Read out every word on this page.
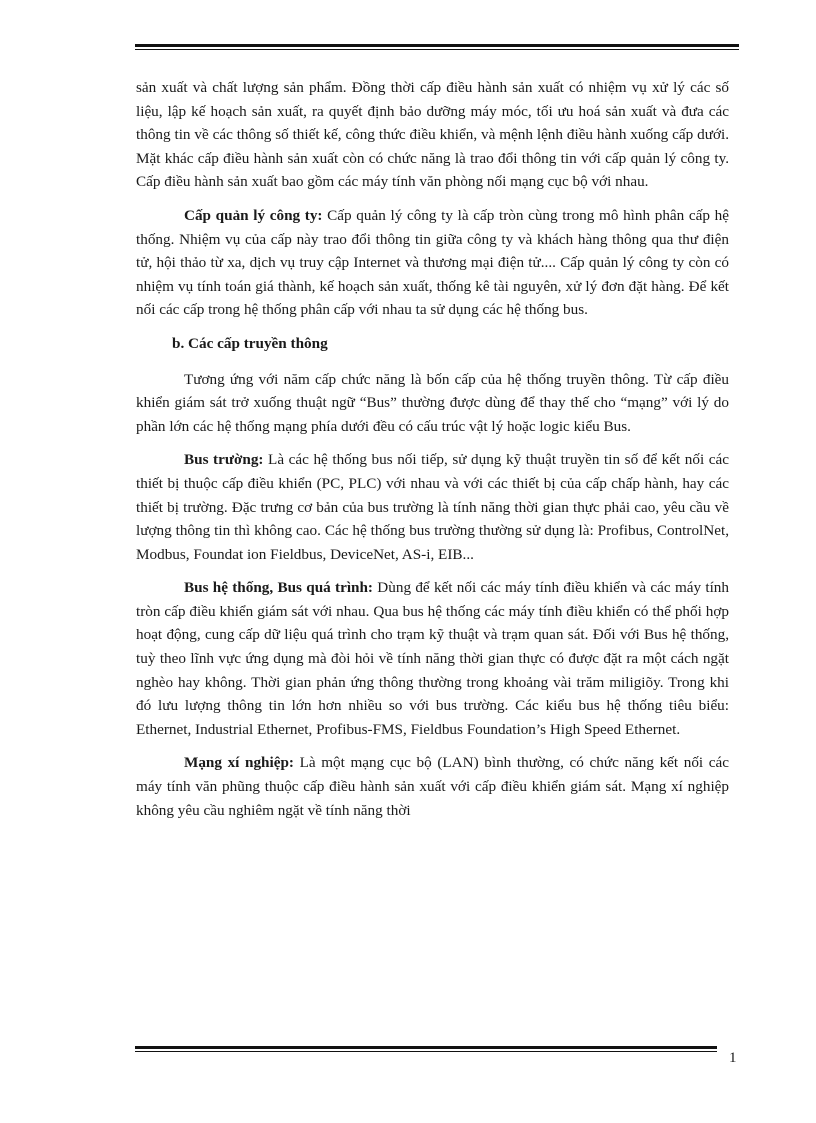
sản xuất và chất lượng sản phẩm. Đồng thời cấp điều hành sản xuất có nhiệm vụ xử lý các số liệu, lập kế hoạch sản xuất, ra quyết định bảo dưỡng máy móc, tối ưu hoá sản xuất và đưa các thông tin về các thông số thiết kế, công thức điều khiển, và mệnh lệnh điều hành xuống cấp dưới. Mặt khác cấp điều hành sản xuất còn có chức năng là trao đổi thông tin với cấp quản lý công ty. Cấp điều hành sản xuất bao gồm các máy tính văn phòng nối mạng cục bộ với nhau.

Cấp quản lý công ty: Cấp quản lý công ty là cấp tròn cùng trong mô hình phân cấp hệ thống. Nhiệm vụ của cấp này trao đổi thông tin giữa công ty và khách hàng thông qua thư điện tử, hội thảo từ xa, dịch vụ truy cập Internet và thương mại điện tử.... Cấp quản lý công ty còn có nhiệm vụ tính toán giá thành, kế hoạch sản xuất, thống kê tài nguyên, xử lý đơn đặt hàng. Để kết nối các cấp trong hệ thống phân cấp với nhau ta sử dụng các hệ thống bus.

b. Các cấp truyền thông

Tương ứng với năm cấp chức năng là bốn cấp của hệ thống truyền thông. Từ cấp điều khiển giám sát trở xuống thuật ngữ “Bus” thường được dùng để thay thế cho “mạng” với lý do phần lớn các hệ thống mạng phía dưới đều có cấu trúc vật lý hoặc logic kiểu Bus.

Bus trường: Là các hệ thống bus nối tiếp, sử dụng kỹ thuật truyền tin số để kết nối các thiết bị thuộc cấp điều khiển (PC, PLC) với nhau và với các thiết bị của cấp chấp hành, hay các thiết bị trường. Đặc trưng cơ bản của bus trường là tính năng thời gian thực phải cao, yêu cầu về lượng thông tin thì không cao. Các hệ thống bus trường thường sử dụng là: Profibus, ControlNet, Modbus, Foundat ion Fieldbus, DeviceNet, AS-i, EIB...

Bus hệ thống, Bus quá trình: Dùng để kết nối các máy tính điều khiển và các máy tính tròn cấp điều khiển giám sát với nhau. Qua bus hệ thống các máy tính điều khiển có thể phối hợp hoạt động, cung cấp dữ liệu quá trình cho trạm kỹ thuật và trạm quan sát. Đối với Bus hệ thống, tuỳ theo lĩnh vực ứng dụng mà đòi hỏi về tính năng thời gian thực có được đặt ra một cách ngặt nghèo hay không. Thời gian phản ứng thông thường trong khoảng vài trăm miligiõy. Trong khi đó lưu lượng thông tin lớn hơn nhiều so với bus trường. Các kiểu bus hệ thống tiêu biểu: Ethernet, Industrial Ethernet, Profibus-FMS, Fieldbus Foundation’s High Speed Ethernet.

Mạng xí nghiệp: Là một mạng cục bộ (LAN) bình thường, có chức năng kết nối các máy tính văn phũng thuộc cấp điều hành sản xuất với cấp điều khiển giám sát. Mạng xí nghiệp không yêu cầu nghiêm ngặt về tính năng thời

1
